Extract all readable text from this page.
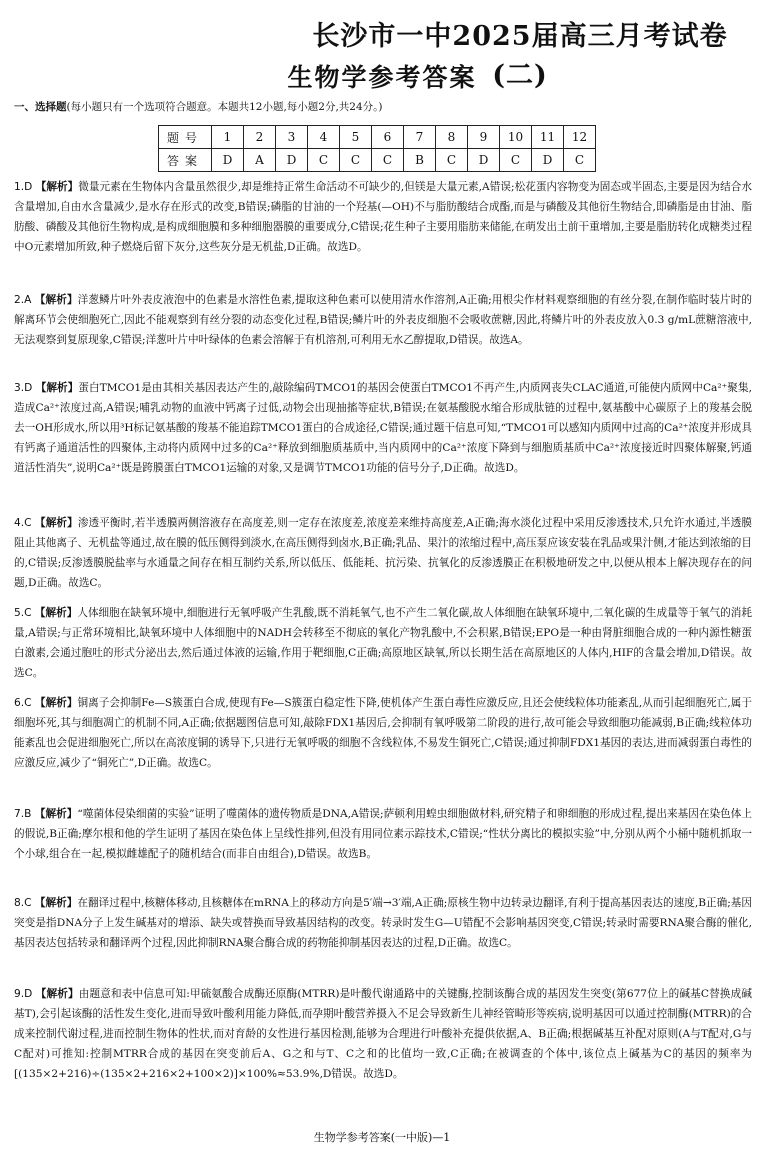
长沙市一中2025届高三月考试卷(二)
生物学参考答案
一、选择题(每小题只有一个选项符合题意。本题共12小题,每小题2分,共24分。)
题号	1	2	3	4	5	6	7	8	9	10	11	12
答案	D	A	D	C	C	C	B	C	D	C	D	C
1.D 【解析】微量元素在生物体内含量虽然很少,却是维持正常生命活动不可缺少的,但镁是大量元素,A错误;松花蛋内容物变为固态或半固态,主要是因为结合水含量增加,自由水含量减少,是水存在形式的改变,B错误;磷脂的甘油的一个羟基(—OH)不与脂肪酸结合成酯,而是与磷酸及其他衍生物结合,即磷脂是由甘油、脂肪酸、磷酸及其他衍生物构成,是构成细胞膜和多种细胞器膜的重要成分,C错误;花生种子主要用脂肪来储能,在萌发出土前干重增加,主要是脂肪转化成糖类过程中O元素增加所致,种子燃烧后留下灰分,这些灰分是无机盐,D正确。故选D。
2.A 【解析】洋葱鳞片叶外表皮液泡中的色素是水溶性色素,提取这种色素可以使用清水作溶剂,A正确;用根尖作材料观察细胞的有丝分裂,在制作临时装片时的解离环节会使细胞死亡,因此不能观察到有丝分裂的动态变化过程,B错误;鳞片叶的外表皮细胞不会吸收蔗糖,因此,将鳞片叶的外表皮放入0.3 g/mL蔗糖溶液中,无法观察到复原现象,C错误;洋葱叶片中叶绿体的色素会溶解于有机溶剂,可利用无水乙醇提取,D错误。故选A。
3.D 【解析】蛋白TMCO1是由其相关基因表达产生的,敲除编码TMCO1的基因会使蛋白TMCO1不再产生,内质网丧失CLAC通道,可能使内质网中Ca²⁺聚集,造成Ca²⁺浓度过高,A错误;哺乳动物的血液中钙离子过低,动物会出现抽搐等症状,B错误;在氨基酸脱水缩合形成肽链的过程中,氨基酸中心碳原子上的羧基会脱去一OH形成水,所以用³H标记氨基酸的羧基不能追踪TMCO1蛋白的合成途径,C错误;通过题干信息可知,“TMCO1可以感知内质网中过高的Ca²⁺浓度并形成具有钙离子通道活性的四聚体,主动将内质网中过多的Ca²⁺释放到细胞质基质中,当内质网中的Ca²⁺浓度下降到与细胞质基质中Ca²⁺浓度接近时四聚体解聚,钙通道活性消失”,说明Ca²⁺既是跨膜蛋白TMCO1运输的对象,又是调节TMCO1功能的信号分子,D正确。故选D。
4.C 【解析】渗透平衡时,若半透膜两侧溶液存在高度差,则一定存在浓度差,浓度差来维持高度差,A正确;海水淡化过程中采用反渗透技术,只允许水通过,半透膜阻止其他离子、无机盐等通过,故在膜的低压侧得到淡水,在高压侧得到卤水,B正确;乳品、果汁的浓缩过程中,高压泵应该安装在乳品或果汁侧,才能达到浓缩的目的,C错误;反渗透膜脱盐率与水通量之间存在相互制约关系,所以低压、低能耗、抗污染、抗氧化的反渗透膜正在积极地研发之中,以便从根本上解决现存在的问题,D正确。故选C。
5.C 【解析】人体细胞在缺氧环境中,细胞进行无氧呼吸产生乳酸,既不消耗氧气,也不产生二氧化碳,故人体细胞在缺氧环境中,二氧化碳的生成量等于氧气的消耗量,A错误;与正常环境相比,缺氧环境中人体细胞中的NADH会转移至不彻底的氧化产物乳酸中,不会积累,B错误;EPO是一种由肾脏细胞合成的一种内源性糖蛋白激素,会通过胞吐的形式分泌出去,然后通过体液的运输,作用于靶细胞,C正确;高原地区缺氧,所以长期生活在高原地区的人体内,HIF的含量会增加,D错误。故选C。
6.C 【解析】铜离子会抑制Fe—S簇蛋白合成,使现有Fe—S簇蛋白稳定性下降,使机体产生蛋白毒性应激反应,且还会使线粒体功能紊乱,从而引起细胞死亡,属于细胞坏死,其与细胞凋亡的机制不同,A正确;依据题图信息可知,敲除FDX1基因后,会抑制有氧呼吸第二阶段的进行,故可能会导致细胞功能减弱,B正确;线粒体功能紊乱也会促进细胞死亡,所以在高浓度铜的诱导下,只进行无氧呼吸的细胞不含线粒体,不易发生铜死亡,C错误;通过抑制FDX1基因的表达,进而减弱蛋白毒性的应激反应,减少了“铜死亡”,D正确。故选C。
7.B 【解析】“噬菌体侵染细菌的实验”证明了噬菌体的遗传物质是DNA,A错误;萨顿利用蝗虫细胞做材料,研究精子和卵细胞的形成过程,提出来基因在染色体上的假说,B正确;摩尔根和他的学生证明了基因在染色体上呈线性排列,但没有用同位素示踪技术,C错误;“性状分离比的模拟实验”中,分别从两个小桶中随机抓取一个小球,组合在一起,模拟雌雄配子的随机结合(而非自由组合),D错误。故选B。
8.C 【解析】在翻译过程中,核糖体移动,且核糖体在mRNA上的移动方向是5′端→3′端,A正确;原核生物中边转录边翻译,有利于提高基因表达的速度,B正确;基因突变是指DNA分子上发生碱基对的增添、缺失或替换而导致基因结构的改变。转录时发生G—U错配不会影响基因突变,C错误;转录时需要RNA聚合酶的催化,基因表达包括转录和翻译两个过程,因此抑制RNA聚合酶合成的药物能抑制基因表达的过程,D正确。故选C。
9.D 【解析】由题意和表中信息可知:甲硫氨酸合成酶还原酶(MTRR)是叶酸代谢通路中的关键酶,控制该酶合成的基因发生突变(第677位上的碱基C替换成碱基T),会引起该酶的活性发生变化,进而导致叶酸利用能力降低,而孕期叶酸营养摄入不足会导致新生儿神经管畸形等疾病,说明基因可以通过控制酶(MTRR)的合成来控制代谢过程,进而控制生物体的性状,而对育龄的女性进行基因检测,能够为合理进行叶酸补充提供依据,A、B正确;根据碱基互补配对原则(A与T配对,G与C配对)可推知:控制MTRR合成的基因在突变前后A、G之和与T、C之和的比值均一致,C正确;在被调查的个体中,该位点上碱基为C的基因的频率为[(135×2+216)÷(135×2+216×2+100×2)]×100%≈53.9%,D错误。故选D。
生物学参考答案(一中版)—1
